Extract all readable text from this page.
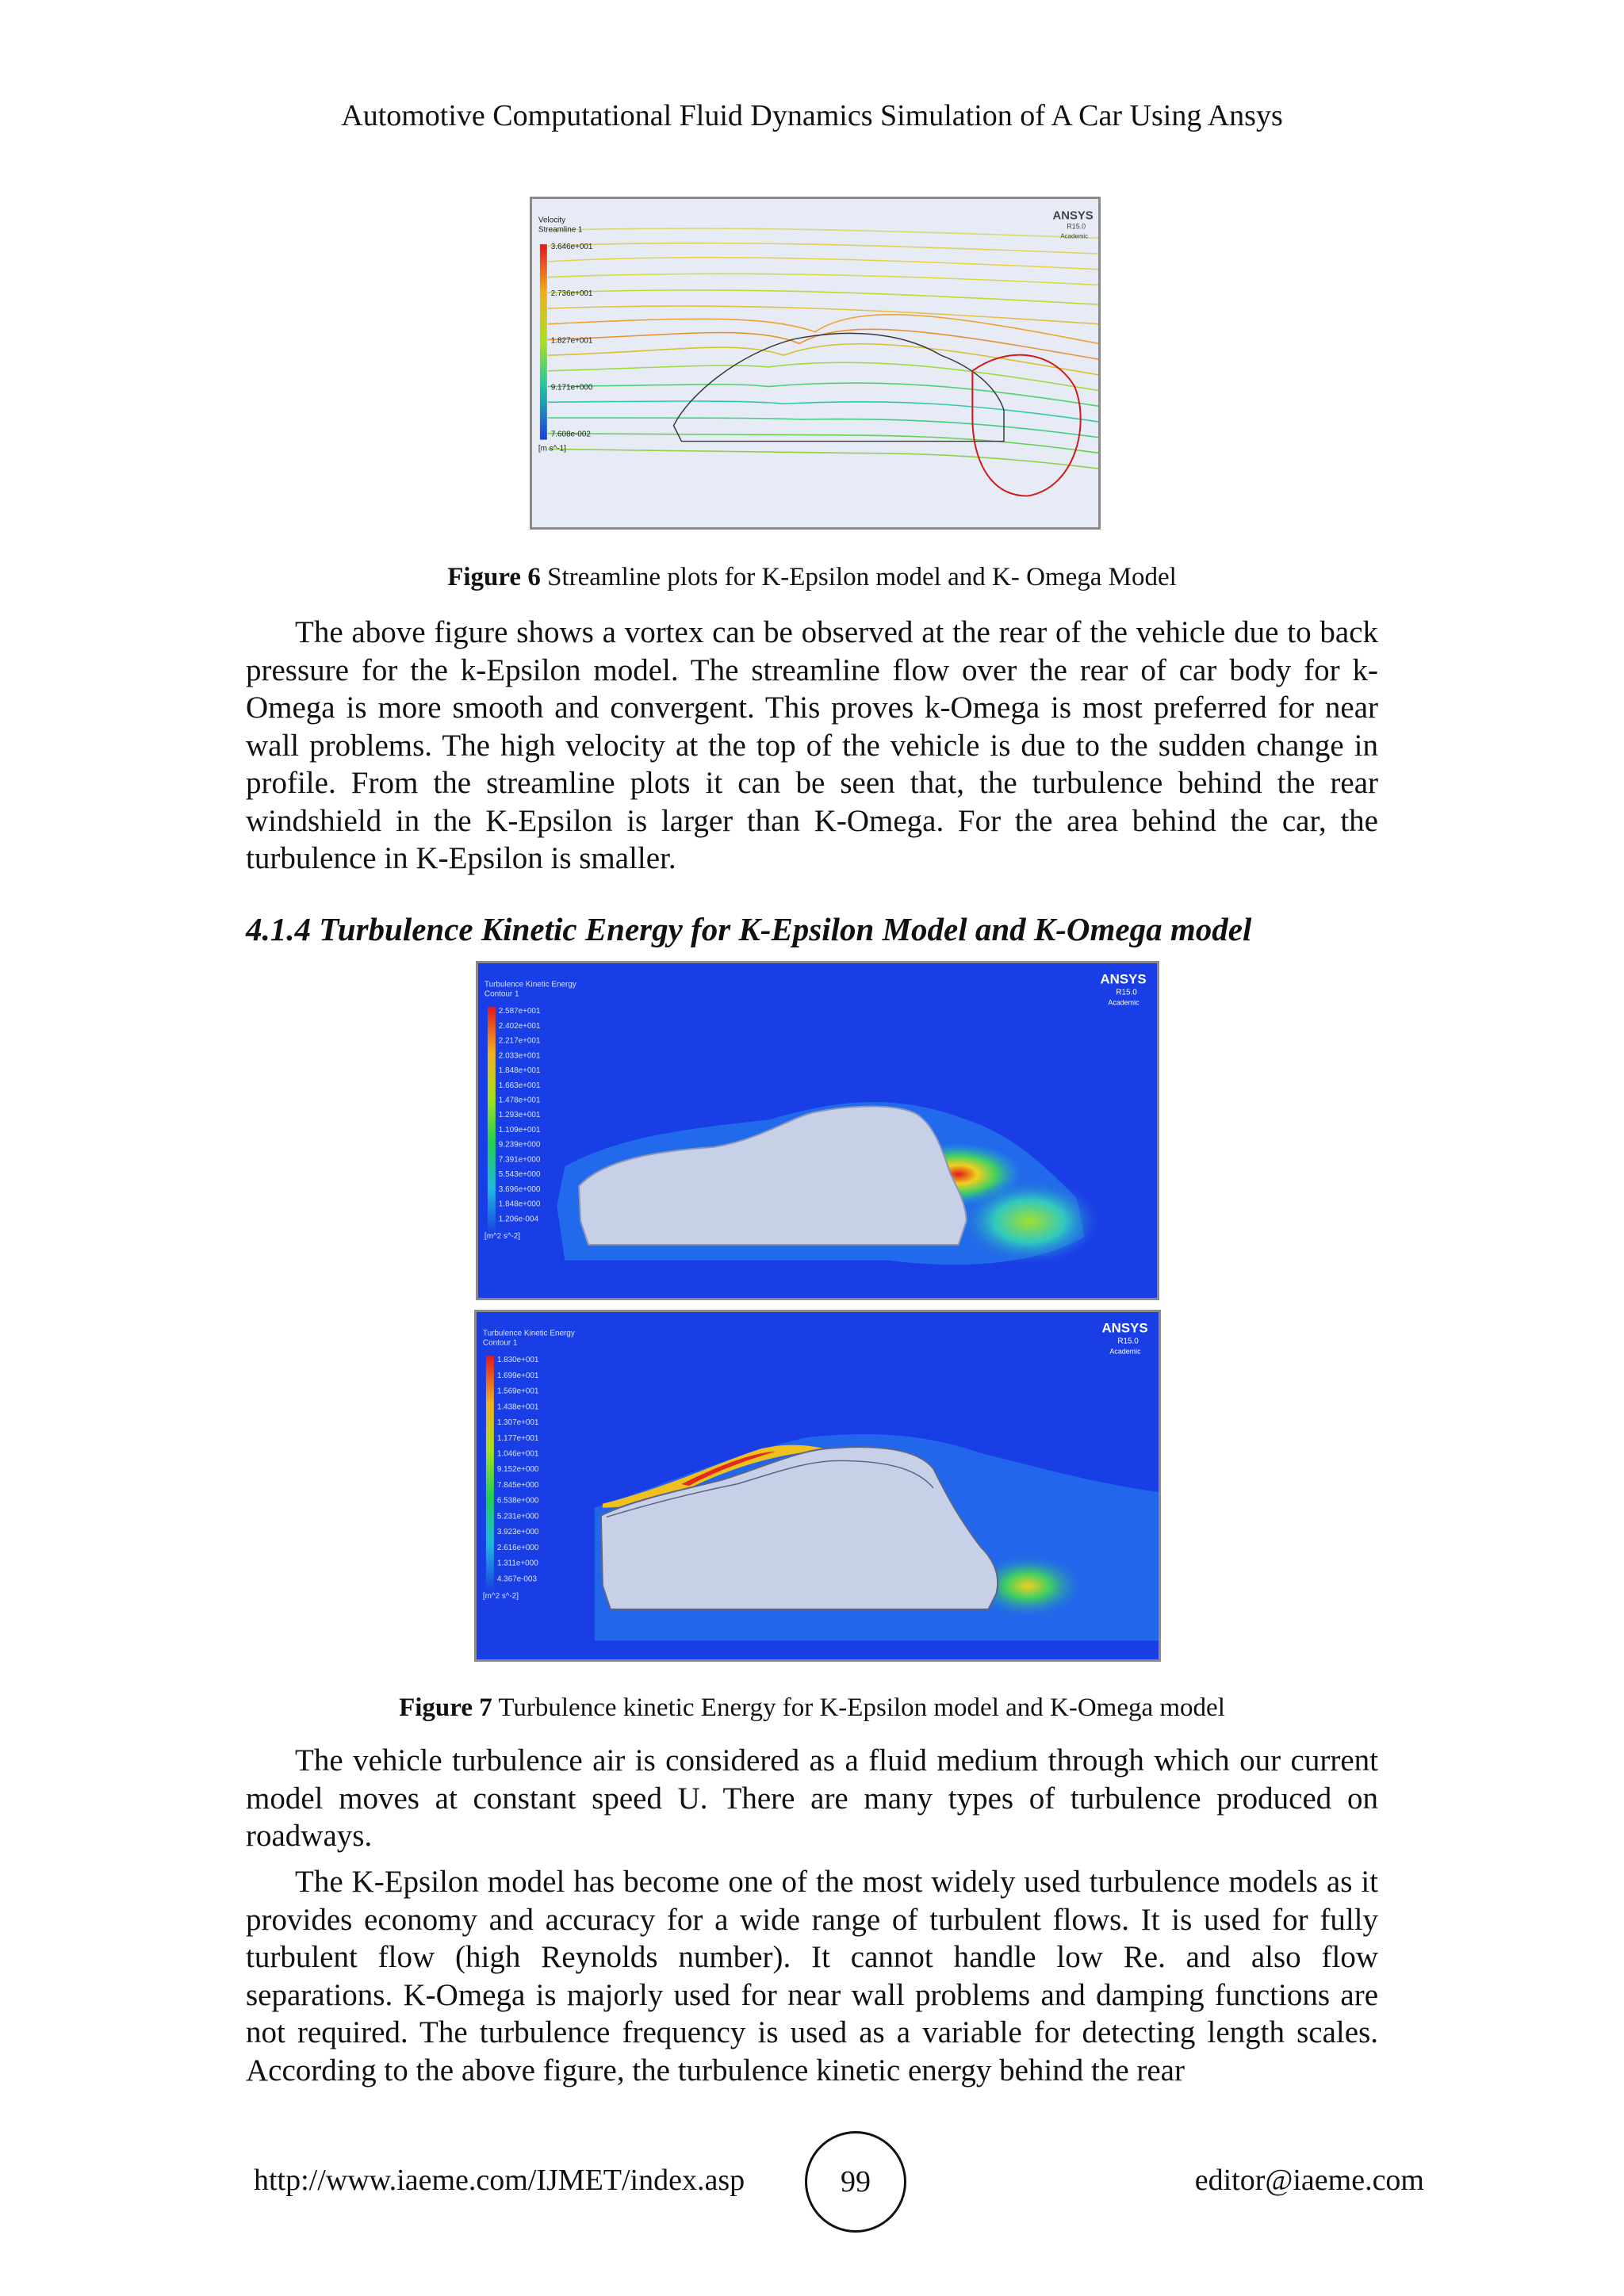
Automotive Computational Fluid Dynamics Simulation of A Car Using Ansys
Velocity
Streamline 1
3.646e+001
2.736e+001
1.827e+001
9.171e+000
7.608e-002
[m s^-1]
ANSYS
R15.0
Academic
Figure 6 Streamline plots for K-Epsilon model and K- Omega Model

The above figure shows a vortex can be observed at the rear of the vehicle due to back pressure for the k-Epsilon model. The streamline flow over the rear of car body for k-Omega is more smooth and convergent. This proves k-Omega is most preferred for near wall problems. The high velocity at the top of the vehicle is due to the sudden change in profile. From the streamline plots it can be seen that, the turbulence behind the rear windshield in the K-Epsilon is larger than K-Omega. For the area behind the car, the turbulence in K-Epsilon is smaller.

4.1.4 Turbulence Kinetic Energy for K-Epsilon Model and K-Omega model
Turbulence Kinetic Energy
Contour 1
2.587e+001
2.402e+001
2.217e+001
2.033e+001
1.848e+001
1.663e+001
1.478e+001
1.293e+001
1.109e+001
9.239e+000
7.391e+000
5.543e+000
3.696e+000
1.848e+000
1.206e-004
[m^2 s^-2]
ANSYS
R15.0
Academic
Turbulence Kinetic Energy
Contour 1
1.830e+001
1.699e+001
1.569e+001
1.438e+001
1.307e+001
1.177e+001
1.046e+001
9.152e+000
7.845e+000
6.538e+000
5.231e+000
3.923e+000
2.616e+000
1.311e+000
4.367e-003
[m^2 s^-2]
ANSYS
R15.0
Academic
Figure 7 Turbulence kinetic Energy for K-Epsilon model and K-Omega model

The vehicle turbulence air is considered as a fluid medium through which our current model moves at constant speed U. There are many types of turbulence produced on roadways.

The K-Epsilon model has become one of the most widely used turbulence models as it provides economy and accuracy for a wide range of turbulent flows. It is used for fully turbulent flow (high Reynolds number). It cannot handle low Re. and also flow separations. K-Omega is majorly used for near wall problems and damping functions are not required. The turbulence frequency is used as a variable for detecting length scales. According to the above figure, the turbulence kinetic energy behind the rear

http://www.iaeme.com/IJMET/index.asp	99	editor@iaeme.com
